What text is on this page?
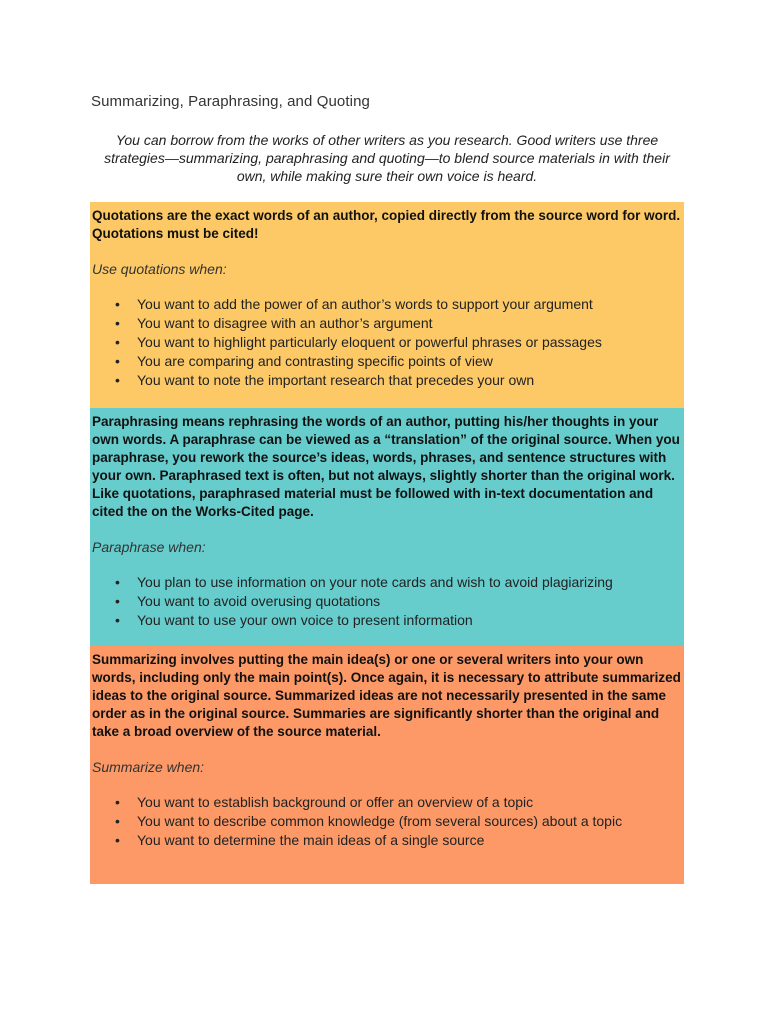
Summarizing, Paraphrasing, and Quoting
You can borrow from the works of other writers as you research. Good writers use three strategies—summarizing, paraphrasing and quoting—to blend source materials in with their own, while making sure their own voice is heard.

Quotations are the exact words of an author, copied directly from the source word for word. Quotations must be cited!

Use quotations when:

• You want to add the power of an author’s words to support your argument
• You want to disagree with an author’s argument
• You want to highlight particularly eloquent or powerful phrases or passages
• You are comparing and contrasting specific points of view
• You want to note the important research that precedes your own

Paraphrasing means rephrasing the words of an author, putting his/her thoughts in your own words. A paraphrase can be viewed as a “translation” of the original source. When you paraphrase, you rework the source’s ideas, words, phrases, and sentence structures with your own. Paraphrased text is often, but not always, slightly shorter than the original work. Like quotations, paraphrased material must be followed with in-text documentation and cited the on the Works-Cited page.

Paraphrase when:

• You plan to use information on your note cards and wish to avoid plagiarizing
• You want to avoid overusing quotations
• You want to use your own voice to present information

Summarizing involves putting the main idea(s) or one or several writers into your own words, including only the main point(s). Once again, it is necessary to attribute summarized ideas to the original source. Summarized ideas are not necessarily presented in the same order as in the original source. Summaries are significantly shorter than the original and take a broad overview of the source material.

Summarize when:

• You want to establish background or offer an overview of a topic
• You want to describe common knowledge (from several sources) about a topic
• You want to determine the main ideas of a single source
